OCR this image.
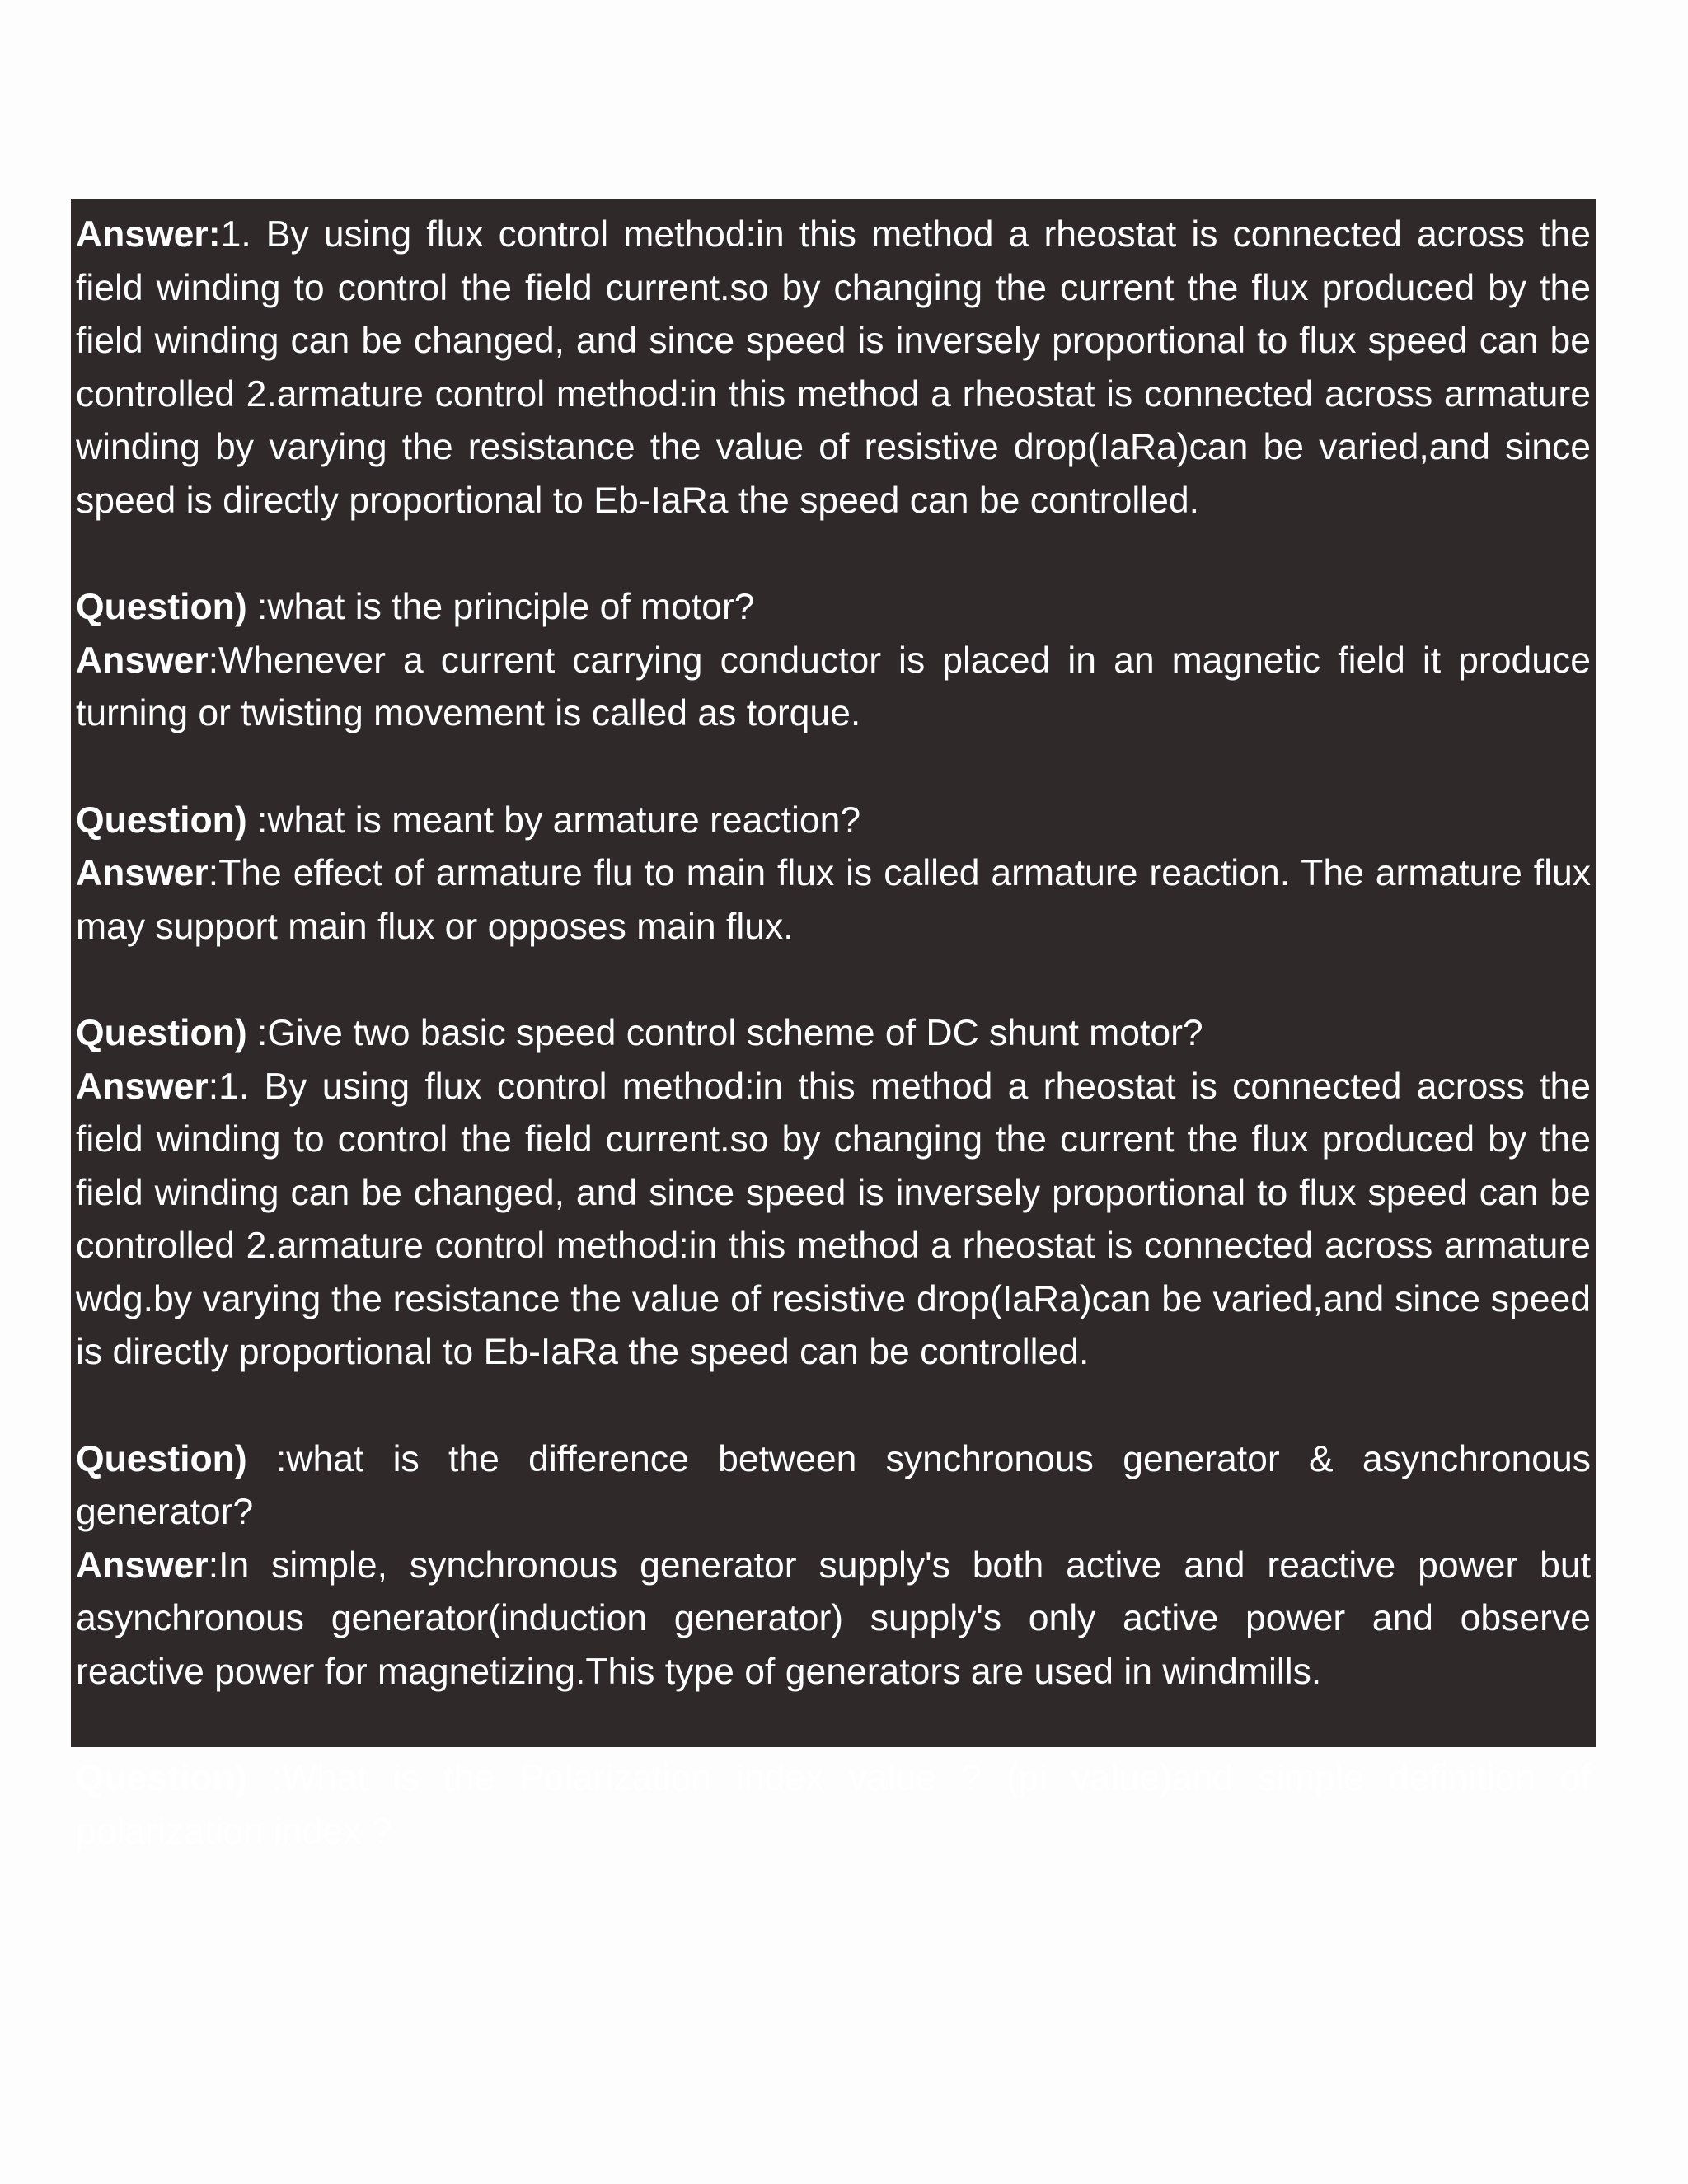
Answer:1. By using flux control method:in this method a rheostat is connected across the field winding to control the field current.so by changing the current the flux produced by the field winding can be changed, and since speed is inversely proportional to flux speed can be controlled 2.armature control method:in this method a rheostat is connected across armature winding by varying the resistance the value of resistive drop(IaRa)can be varied,and since speed is directly proportional to Eb-IaRa the speed can be controlled.

Question) :what is the principle of motor?

Answer:Whenever a current carrying conductor is placed in an magnetic field it produce turning or twisting movement is called as torque.

Question) :what is meant by armature reaction?

Answer:The effect of armature flu to main flux is called armature reaction. The armature flux may support main flux or opposes main flux.

Question) :Give two basic speed control scheme of DC shunt motor?

Answer:1. By using flux control method:in this method a rheostat is connected across the field winding to control the field current.so by changing the current the flux produced by the field winding can be changed, and since speed is inversely proportional to flux speed can be controlled 2.armature control method:in this method a rheostat is connected across armature wdg.by varying the resistance the value of resistive drop(IaRa)can be varied,and since speed is directly proportional to Eb-IaRa the speed can be controlled.

Question) :what is the difference between synchronous generator & asynchronous generator?

Answer:In simple, synchronous generator supply's both active and reactive power but asynchronous generator(induction generator) supply's only active power and observe reactive power for magnetizing.This type of generators are used in windmills.

Question) :What is the Polarization index value ? (pi value)and simple definition of polarization index ?
